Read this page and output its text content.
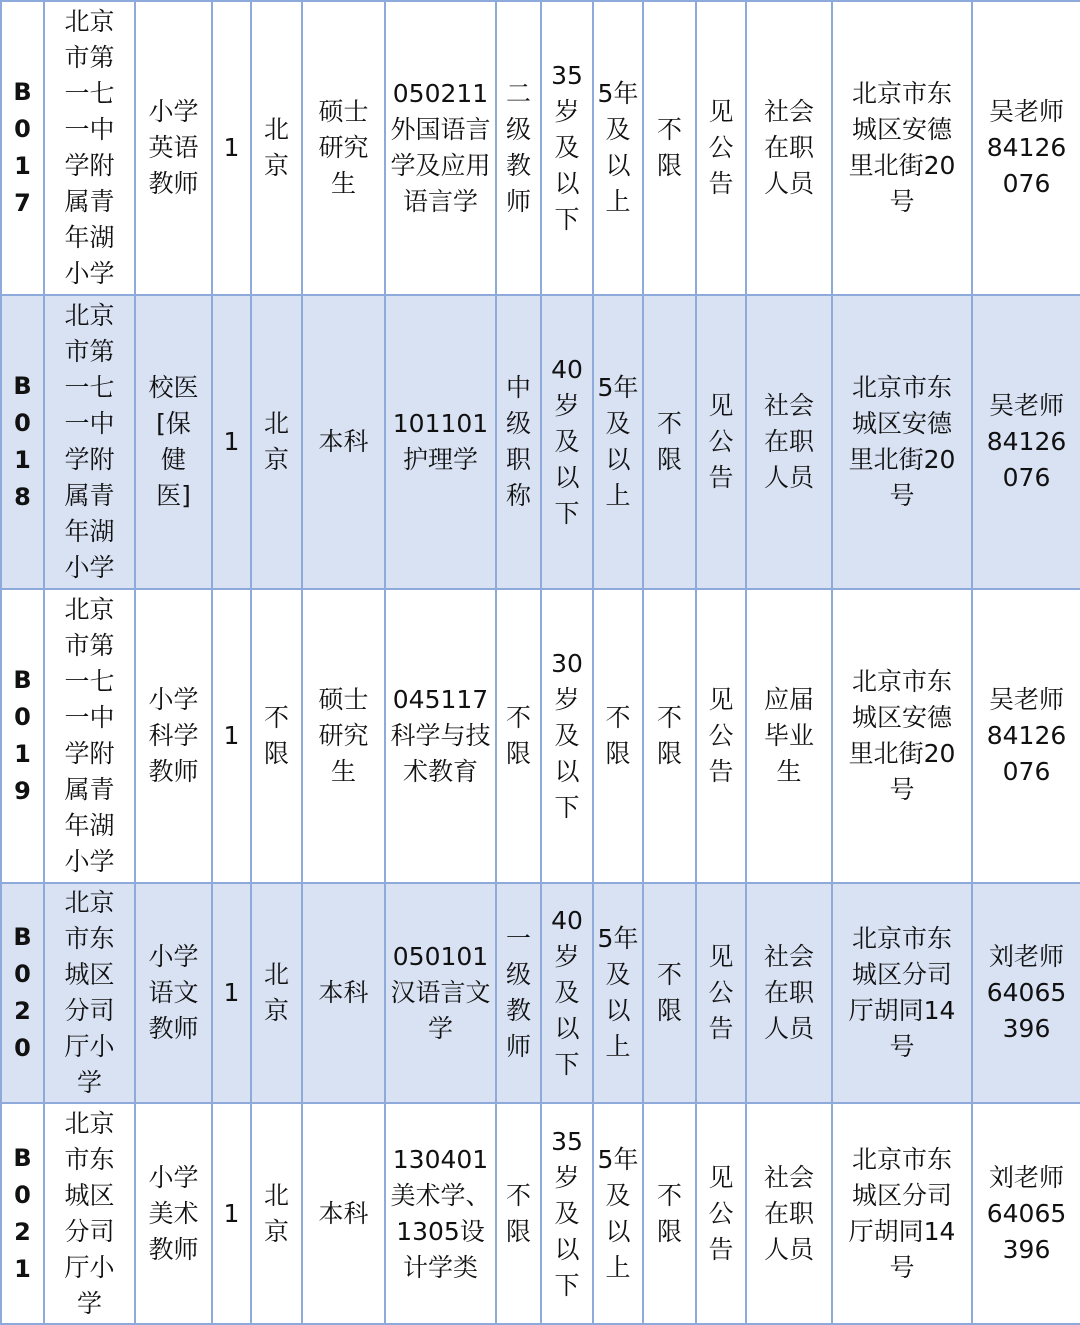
B017	北京市第一七一中学附属青年湖小学	小学英语教师	1	北京	硕士研究生	050211外国语言学及应用语言学	二级教师	35岁及以下	5年及以上	不限	见公告	社会在职人员	北京市东城区安德里北街20号	吴老师84126076
B018	北京市第一七一中学附属青年湖小学	校医[保健医]	1	北京	本科	101101护理学	中级职称	40岁及以下	5年及以上	不限	见公告	社会在职人员	北京市东城区安德里北街20号	吴老师84126076
B019	北京市第一七一中学附属青年湖小学	小学科学教师	1	不限	硕士研究生	045117科学与技术教育	不限	30岁及以下	不限	不限	见公告	应届毕业生	北京市东城区安德里北街20号	吴老师84126076
B020	北京市东城区分司厅小学	小学语文教师	1	北京	本科	050101汉语言文学	一级教师	40岁及以下	5年及以上	不限	见公告	社会在职人员	北京市东城区分司厅胡同14号	刘老师64065396
B021	北京市东城区分司厅小学	小学美术教师	1	北京	本科	130401美术学、1305设计学类	不限	35岁及以下	5年及以上	不限	见公告	社会在职人员	北京市东城区分司厅胡同14号	刘老师64065396
